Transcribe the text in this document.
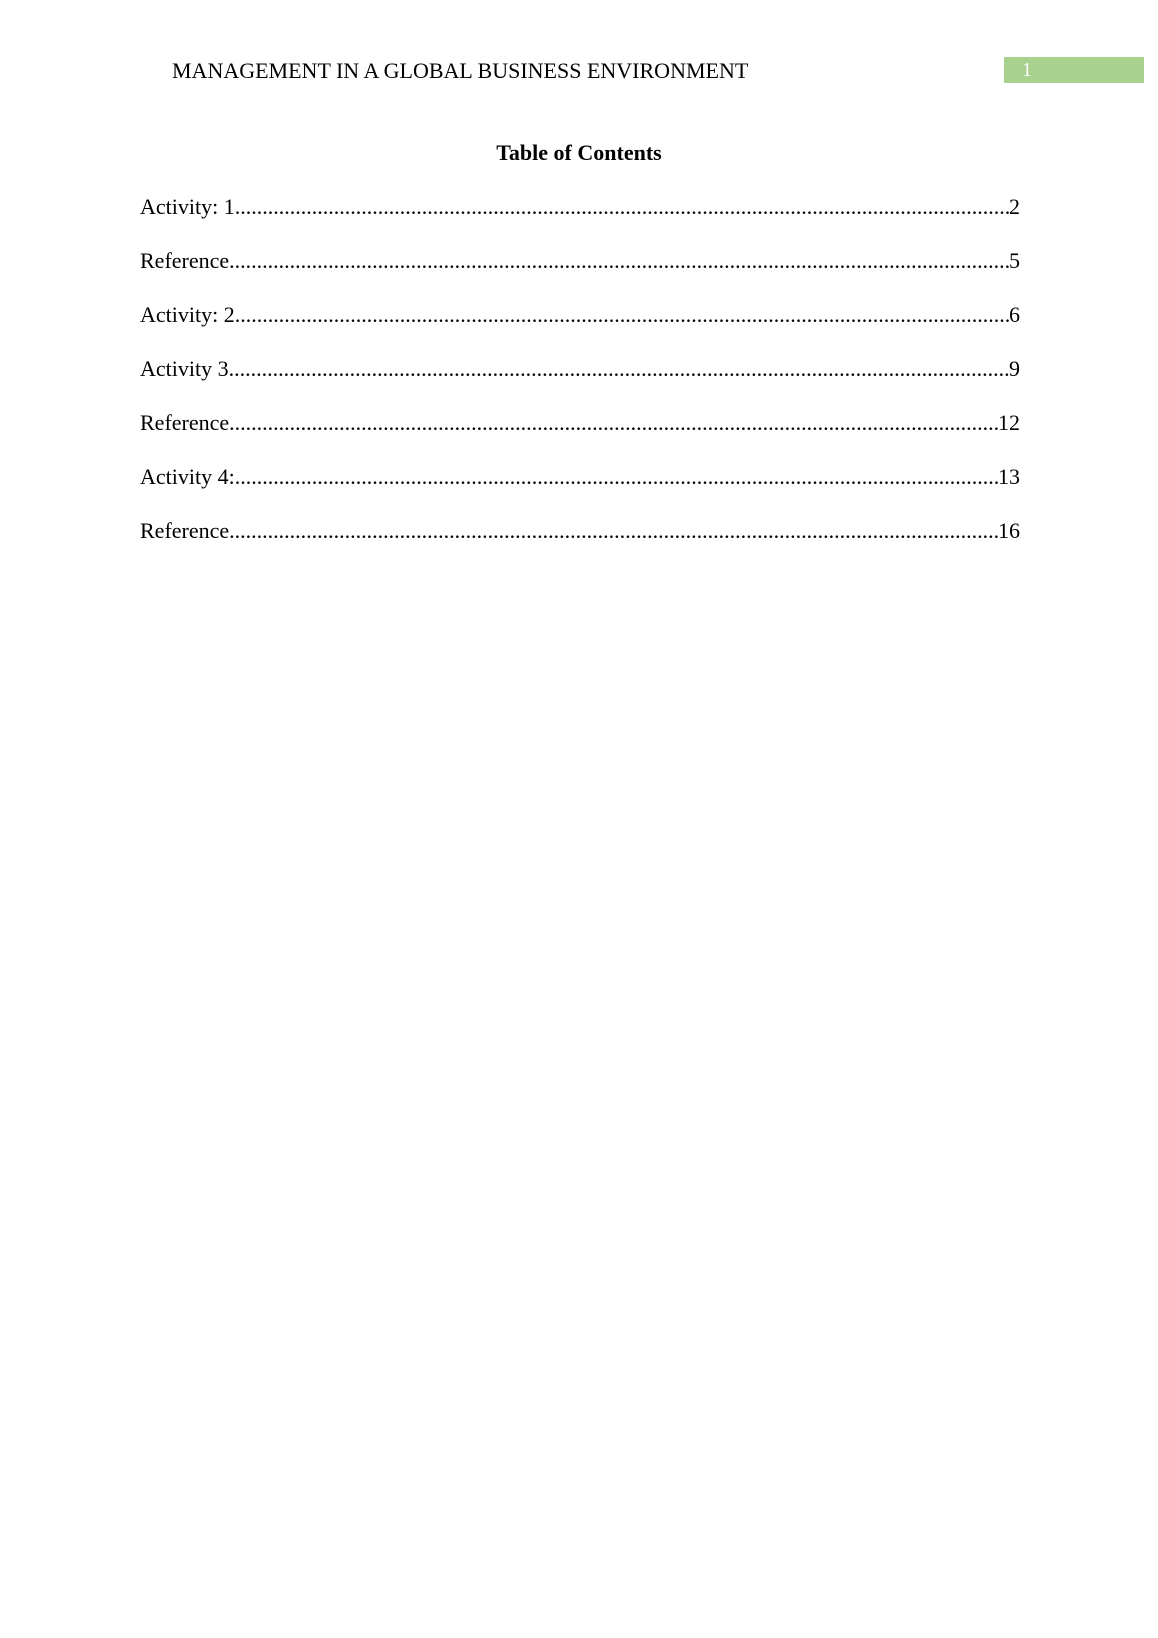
MANAGEMENT IN A GLOBAL BUSINESS ENVIRONMENT	1
Table of Contents
Activity: 1 .....	2
Reference .....	5
Activity: 2 .....	6
Activity 3 .....	9
Reference .....	12
Activity 4: .....	13
Reference .....	16
